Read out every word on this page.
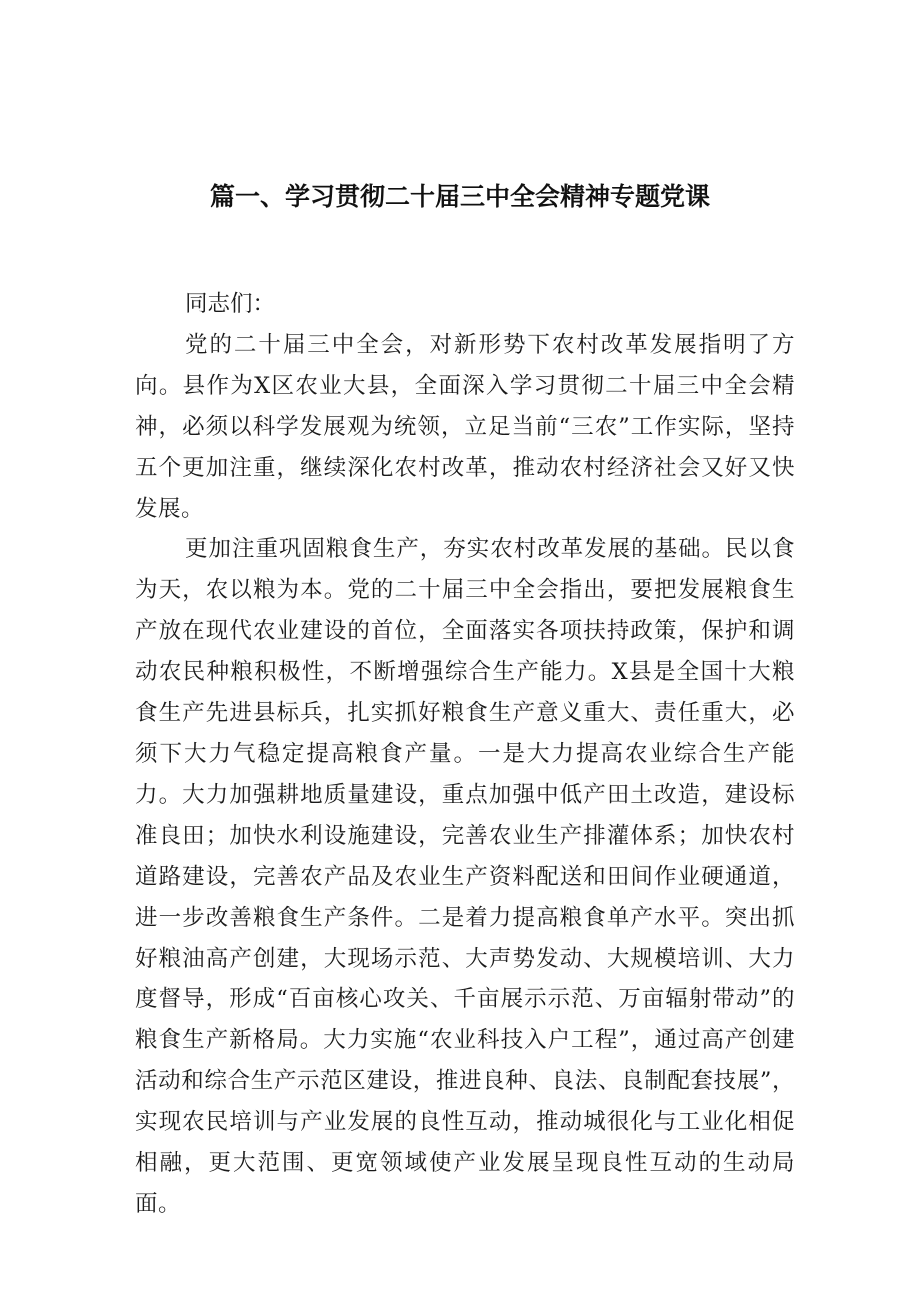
篇一、学习贯彻二十届三中全会精神专题党课

同志们：

党的二十届三中全会，对新形势下农村改革发展指明了方向。县作为X区农业大县，全面深入学习贯彻二十届三中全会精神，必须以科学发展观为统领，立足当前“三农”工作实际，坚持五个更加注重，继续深化农村改革，推动农村经济社会又好又快发展。

更加注重巩固粮食生产，夯实农村改革发展的基础。民以食为天，农以粮为本。党的二十届三中全会指出，要把发展粮食生产放在现代农业建设的首位，全面落实各项扶持政策，保护和调动农民种粮积极性，不断增强综合生产能力。X县是全国十大粮食生产先进县标兵，扎实抓好粮食生产意义重大、责任重大，必须下大力气稳定提高粮食产量。一是大力提高农业综合生产能力。大力加强耕地质量建设，重点加强中低产田土改造，建设标准良田；加快水利设施建设，完善农业生产排灌体系；加快农村道路建设，完善农产品及农业生产资料配送和田间作业硬通道，进一步改善粮食生产条件。二是着力提高粮食单产水平。突出抓好粮油高产创建，大现场示范、大声势发动、大规模培训、大力度督导，形成“百亩核心攻关、千亩展示示范、万亩辐射带动”的粮食生产新格局。大力实施“农业科技入户工程”，通过高产创建活动和综合生产示范区建设，推进良种、良法、良制配套技展”，实现农民培训与产业发展的良性互动，推动城很化与工业化相促相融，更大范围、更宽领域使产业发展呈现良性互动的生动局面。
